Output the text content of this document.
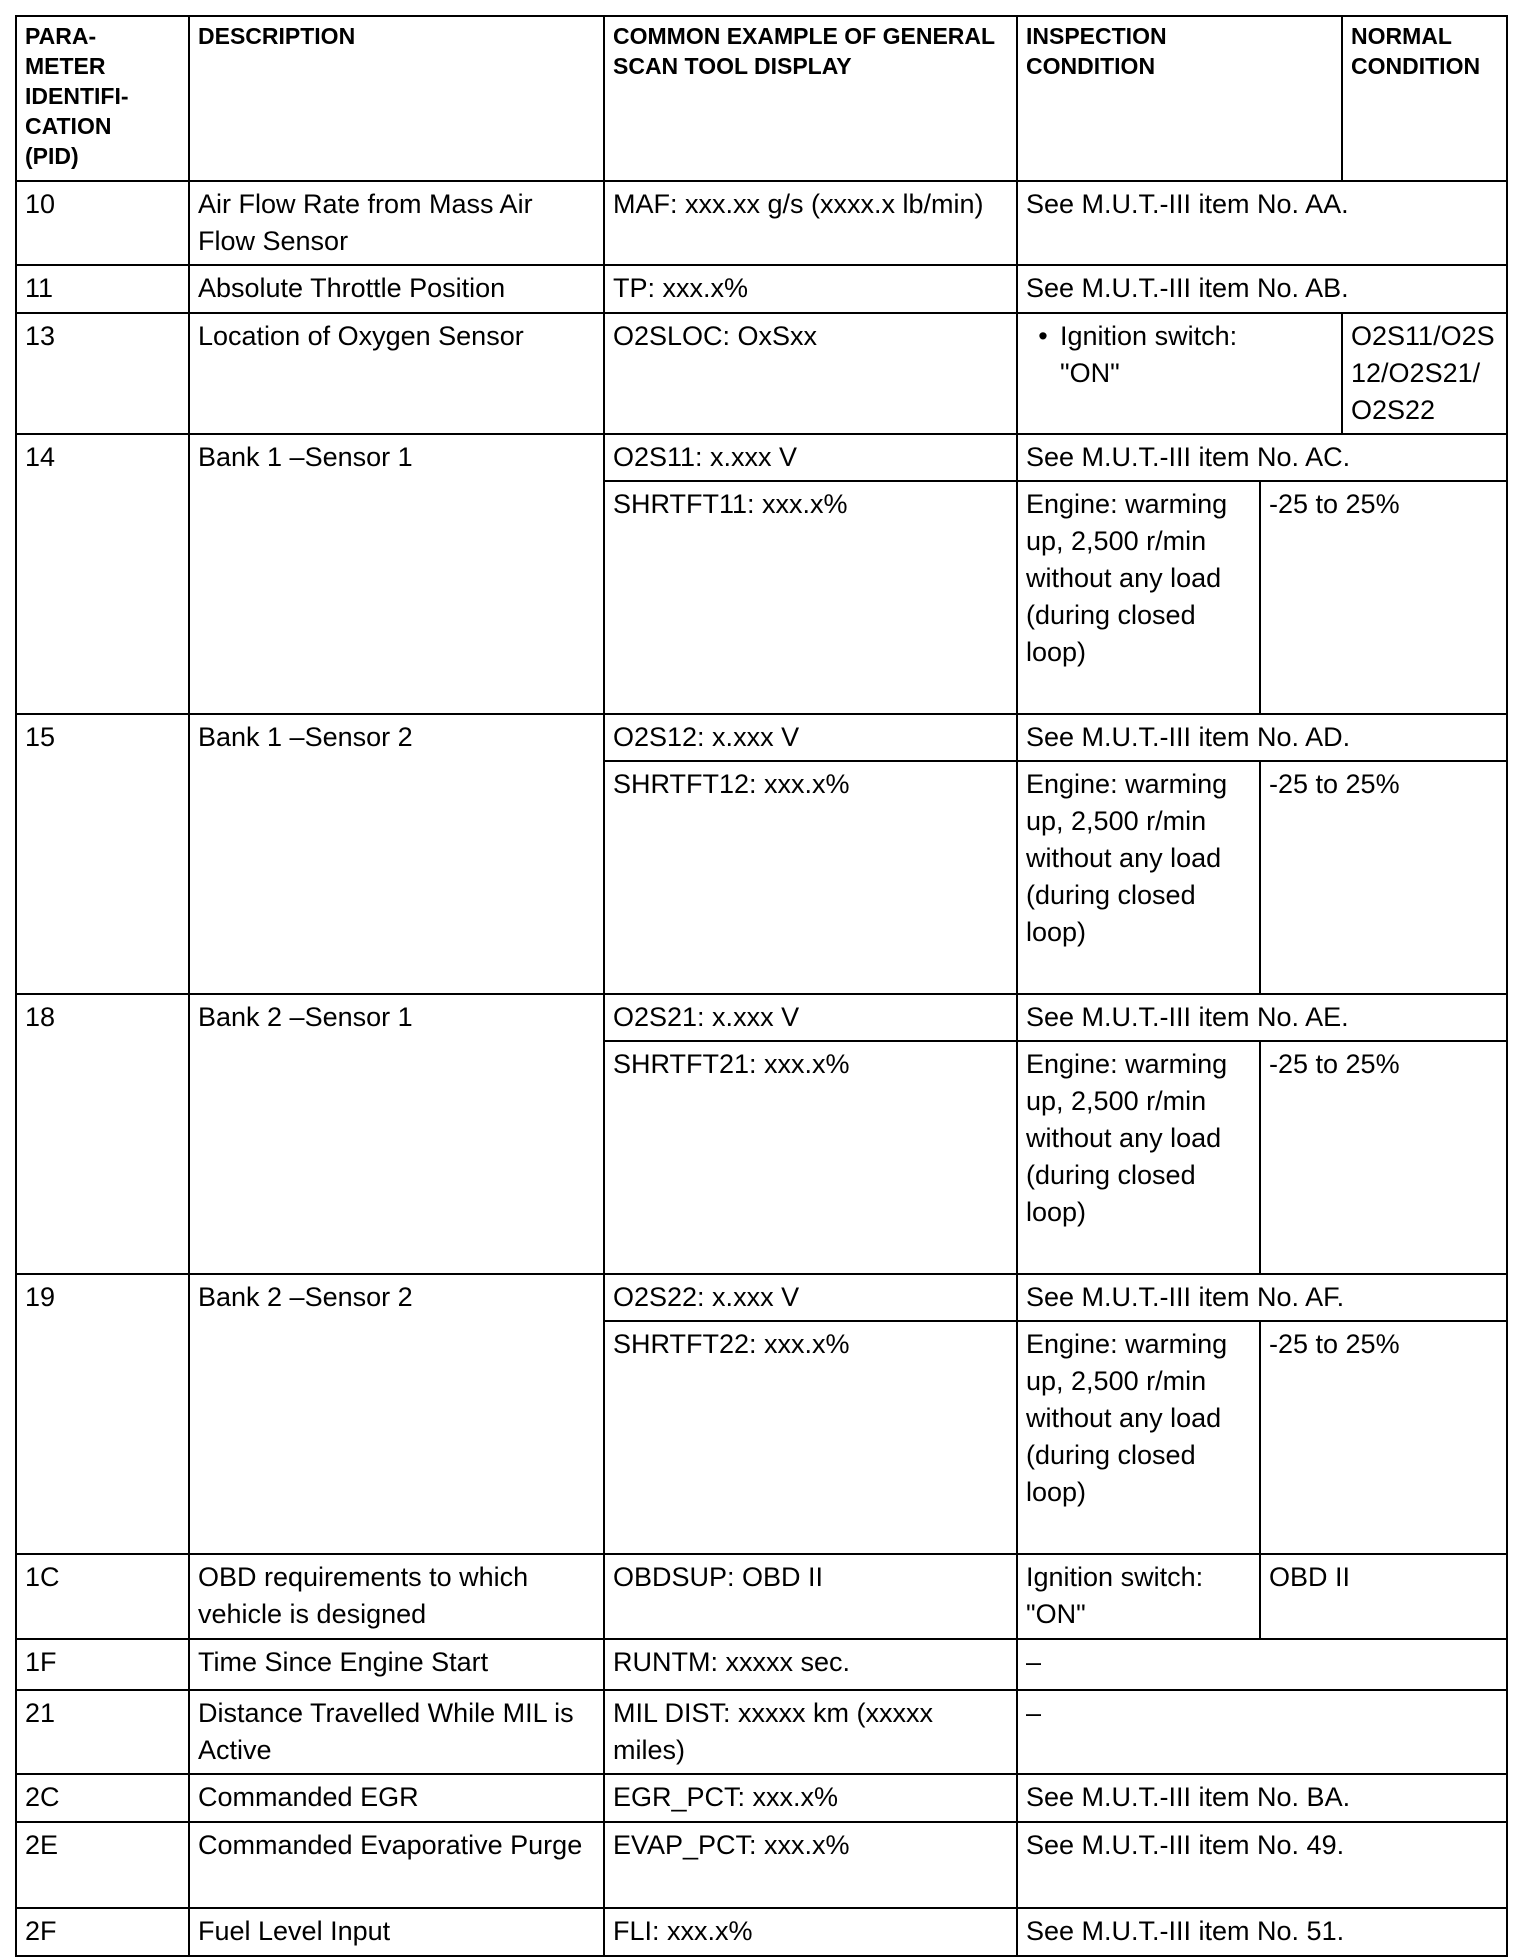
PARA-
METER
IDENTIFI-
CATION
(PID)	DESCRIPTION	COMMON EXAMPLE OF GENERAL SCAN TOOL DISPLAY	INSPECTION CONDITION		NORMAL CONDITION
10	Air Flow Rate from Mass Air Flow Sensor	MAF: xxx.xx g/s (xxxx.x lb/min)	See M.U.T.-III item No. AA.		
11	Absolute Throttle Position	TP: xxx.x%	See M.U.T.-III item No. AB.		
13	Location of Oxygen Sensor	O2SLOC: OxSxx	• Ignition switch: "ON"		O2S11/O2S12/O2S21/O2S22
14	Bank 1 –Sensor 1	O2S11: x.xxx V	See M.U.T.-III item No. AC.		
		SHRTFT11: xxx.x%	Engine: warming up, 2,500 r/min without any load (during closed loop)	-25 to 25%	
15	Bank 1 –Sensor 2	O2S12: x.xxx V	See M.U.T.-III item No. AD.		
		SHRTFT12: xxx.x%	Engine: warming up, 2,500 r/min without any load (during closed loop)	-25 to 25%	
18	Bank 2 –Sensor 1	O2S21: x.xxx V	See M.U.T.-III item No. AE.		
		SHRTFT21: xxx.x%	Engine: warming up, 2,500 r/min without any load (during closed loop)	-25 to 25%	
19	Bank 2 –Sensor 2	O2S22: x.xxx V	See M.U.T.-III item No. AF.		
		SHRTFT22: xxx.x%	Engine: warming up, 2,500 r/min without any load (during closed loop)	-25 to 25%	
1C	OBD requirements to which vehicle is designed	OBDSUP: OBD II	Ignition switch: "ON"	OBD II	
1F	Time Since Engine Start	RUNTM: xxxxx sec.	–		
21	Distance Travelled While MIL is Active	MIL DIST: xxxxx km (xxxxx miles)	–		
2C	Commanded EGR	EGR_PCT: xxx.x%	See M.U.T.-III item No. BA.		
2E	Commanded Evaporative Purge	EVAP_PCT: xxx.x%	See M.U.T.-III item No. 49.		
2F	Fuel Level Input	FLI: xxx.x%	See M.U.T.-III item No. 51.		
